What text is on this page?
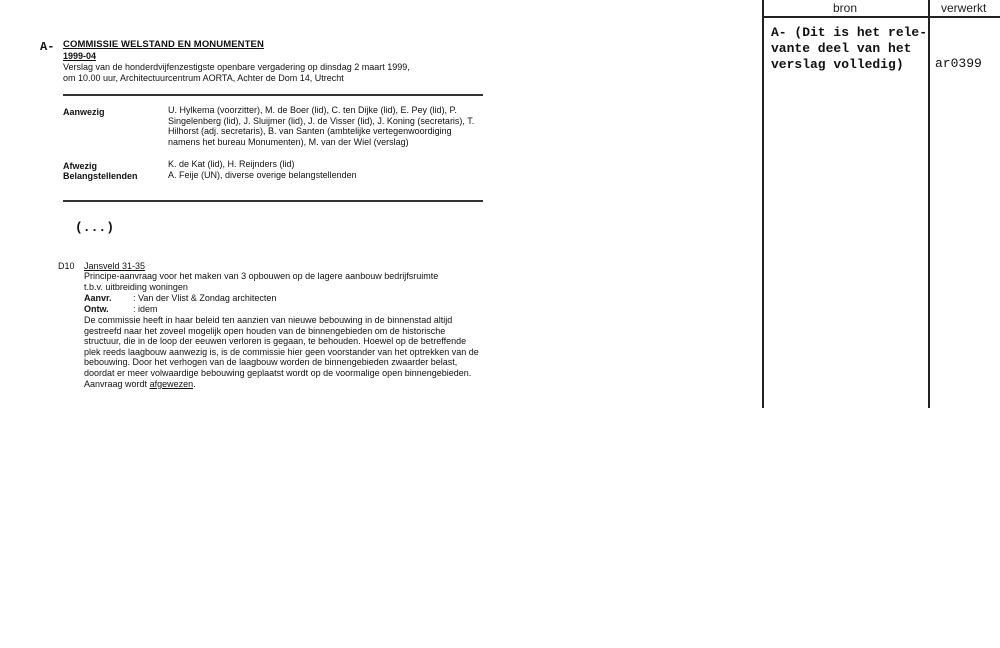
bron	verwerkt
A- (Dit is het rele-
vante deel van het
verslag volledig)	ar0399
A- COMMISSIE WELSTAND EN MONUMENTEN
1999-04
Verslag van de honderdvijfenzestigste openbare vergadering op dinsdag 2 maart 1999,
om 10.00 uur, Architectuurcentrum AORTA, Achter de Dom 14, Utrecht
Aanwezig	U. Hylkema (voorzitter), M. de Boer (lid), C. ten Dijke (lid), E. Pey (lid), P. Singelenberg (lid), J. Sluijmer (lid), J. de Visser (lid), J. Koning (secretaris), T. Hilhorst (adj. secretaris), B. van Santen (ambtelijke vertegenwoordiging namens het bureau Monumenten), M. van der Wiel (verslag)
Afwezig	K. de Kat (lid), H. Reijnders (lid)
Belangstellenden	A. Feije (UN), diverse overige belangstellenden
(...)
D10 Jansveld 31-35
Principe-aanvraag voor het maken van 3 opbouwen op de lagere aanbouw bedrijfsruimte
t.b.v. uitbreiding woningen
Aanvr. : Van der Vlist & Zondag architecten
Ontw.	: idem
De commissie heeft in haar beleid ten aanzien van nieuwe bebouwing in de binnenstad altijd gestreefd naar het zoveel mogelijk open houden van de binnengebieden om de historische structuur, die in de loop der eeuwen verloren is gegaan, te behouden. Hoewel op de betreffende plek reeds laagbouw aanwezig is, is de commissie hier geen voorstander van het optrekken van de bebouwing. Door het verhogen van de laagbouw worden de binnengebieden zwaarder belast, doordat er meer volwaardige bebouwing geplaatst wordt op de voormalige open binnengebieden. Aanvraag wordt afgewezen.
